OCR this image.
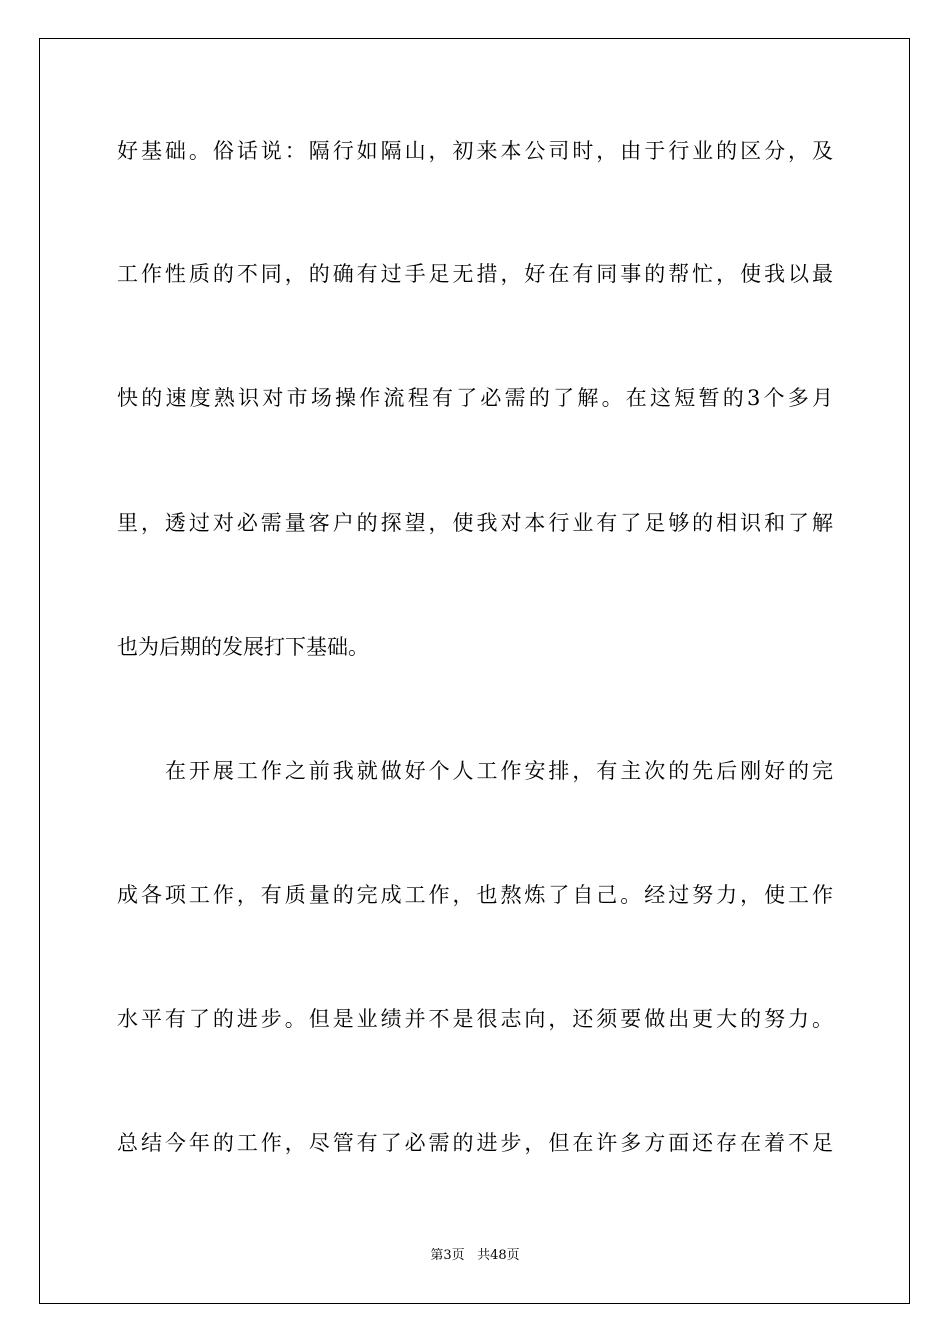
好基础。俗话说：隔行如隔山，初来本公司时，由于行业的区分，及
工作性质的不同，的确有过手足无措，好在有同事的帮忙，使我以最
快的速度熟识对市场操作流程有了必需的了解。在这短暂的3个多月
里，透过对必需量客户的探望，使我对本行业有了足够的相识和了解
也为后期的发展打下基础。
在开展工作之前我就做好个人工作安排，有主次的先后刚好的完
成各项工作，有质量的完成工作，也熬炼了自己。经过努力，使工作
水平有了的进步。但是业绩并不是很志向，还须要做出更大的努力。
总结今年的工作，尽管有了必需的进步，但在许多方面还存在着不足
第3页 共48页
